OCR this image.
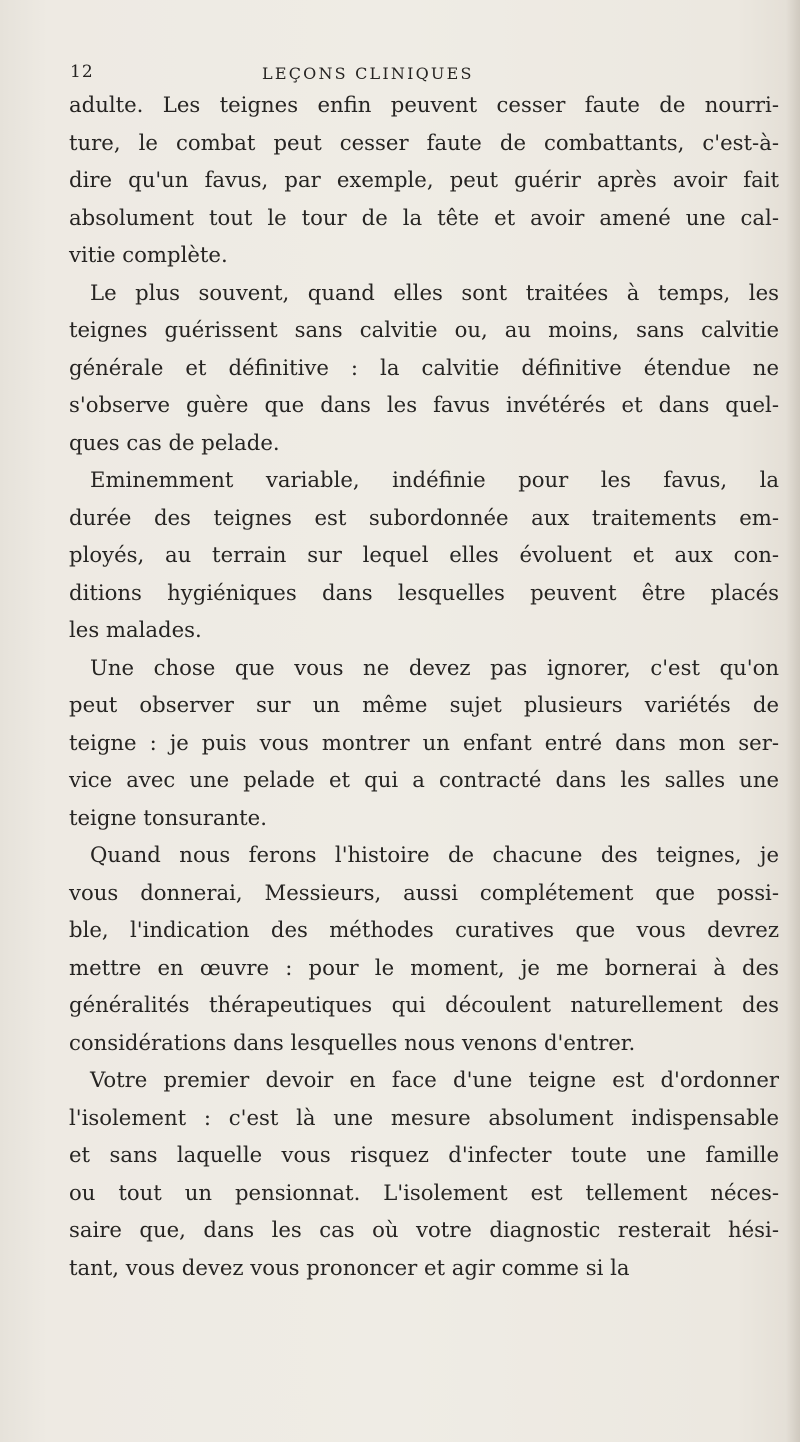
12	LEÇONS CLINIQUES
adulte. Les teignes enfin peuvent cesser faute de nourri-
ture, le combat peut cesser faute de combattants, c'est-à-
dire qu'un favus, par exemple, peut guérir après avoir fait
absolument tout le tour de la tête et avoir amené une cal-
vitie complète.
Le plus souvent, quand elles sont traitées à temps, les
teignes guérissent sans calvitie ou, au moins, sans calvitie
générale et définitive : la calvitie définitive étendue ne
s'observe guère que dans les favus invétérés et dans quel-
ques cas de pelade.
Eminemment variable, indéfinie pour les favus, la
durée des teignes est subordonnée aux traitements em-
ployés, au terrain sur lequel elles évoluent et aux con-
ditions hygiéniques dans lesquelles peuvent être placés
les malades.
Une chose que vous ne devez pas ignorer, c'est qu'on
peut observer sur un même sujet plusieurs variétés de
teigne : je puis vous montrer un enfant entré dans mon ser-
vice avec une pelade et qui a contracté dans les salles une
teigne tonsurante.
Quand nous ferons l'histoire de chacune des teignes, je
vous donnerai, Messieurs, aussi complétement que possi-
ble, l'indication des méthodes curatives que vous devrez
mettre en œuvre : pour le moment, je me bornerai à des
généralités thérapeutiques qui découlent naturellement des
considérations dans lesquelles nous venons d'entrer.
Votre premier devoir en face d'une teigne est d'ordonner
l'isolement : c'est là une mesure absolument indispensable
et sans laquelle vous risquez d'infecter toute une famille
ou tout un pensionnat. L'isolement est tellement néces-
saire que, dans les cas où votre diagnostic resterait hési-
tant, vous devez vous prononcer et agir comme si la
